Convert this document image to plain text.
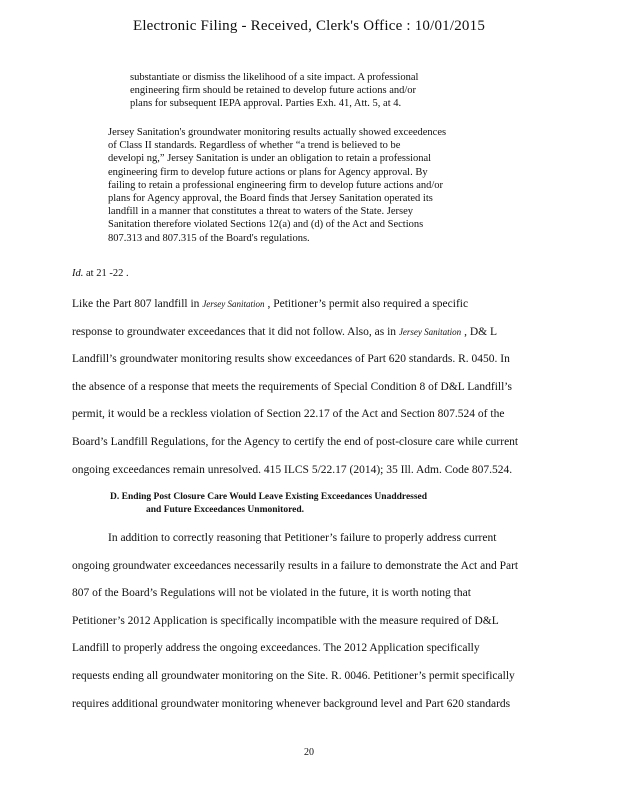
Electronic Filing - Received, Clerk's Office : 10/01/2015

substantiate or dismiss the likelihood of a site impact. A professional

engineering firm should be retained to develop future actions and/or

plans for subsequent IEPA approval. Parties Exh. 41, Att. 5, at 4.

Jersey Sanitation's groundwater monitoring results actually showed exceedences

of Class II standards. Regardless of whether “a trend is believed to be

developi ng,” Jersey Sanitation is under an obligation to retain a professional

engineering firm to develop future actions or plans for Agency approval. By

failing to retain a professional engineering firm to develop future actions and/or

plans for Agency approval, the Board finds that Jersey Sanitation operated its

landfill in a manner that constitutes a threat to waters of the State. Jersey

Sanitation therefore violated Sections 12(a) and (d) of the Act and Sections

807.313 and 807.315 of the Board's regulations.

Id. at 21 -22 .

Like the Part 807 landfill in Jersey Sanitation , Petitioner’s permit also required a specific

response to groundwater exceedances that it did not follow. Also, as in Jersey Sanitation , D& L

Landfill’s groundwater monitoring results show exceedances of Part 620 standards. R. 0450. In

the absence of a response that meets the requirements of Special Condition 8 of D&L Landfill’s

permit, it would be a reckless violation of Section 22.17 of the Act and Section 807.524 of the

Board’s Landfill Regulations, for the Agency to certify the end of post-closure care while current

ongoing exceedances remain unresolved. 415 ILCS 5/22.17 (2014); 35 Ill. Adm. Code 807.524.

D. Ending Post Closure Care Would Leave Existing Exceedances Unaddressed
and Future Exceedances Unmonitored.

In addition to correctly reasoning that Petitioner’s failure to properly address current

ongoing groundwater exceedances necessarily results in a failure to demonstrate the Act and Part

807 of the Board’s Regulations will not be violated in the future, it is worth noting that

Petitioner’s 2012 Application is specifically incompatible with the measure required of D&L

Landfill to properly address the ongoing exceedances. The 2012 Application specifically

requests ending all groundwater monitoring on the Site. R. 0046. Petitioner’s permit specifically

requires additional groundwater monitoring whenever background level and Part 620 standards

20
